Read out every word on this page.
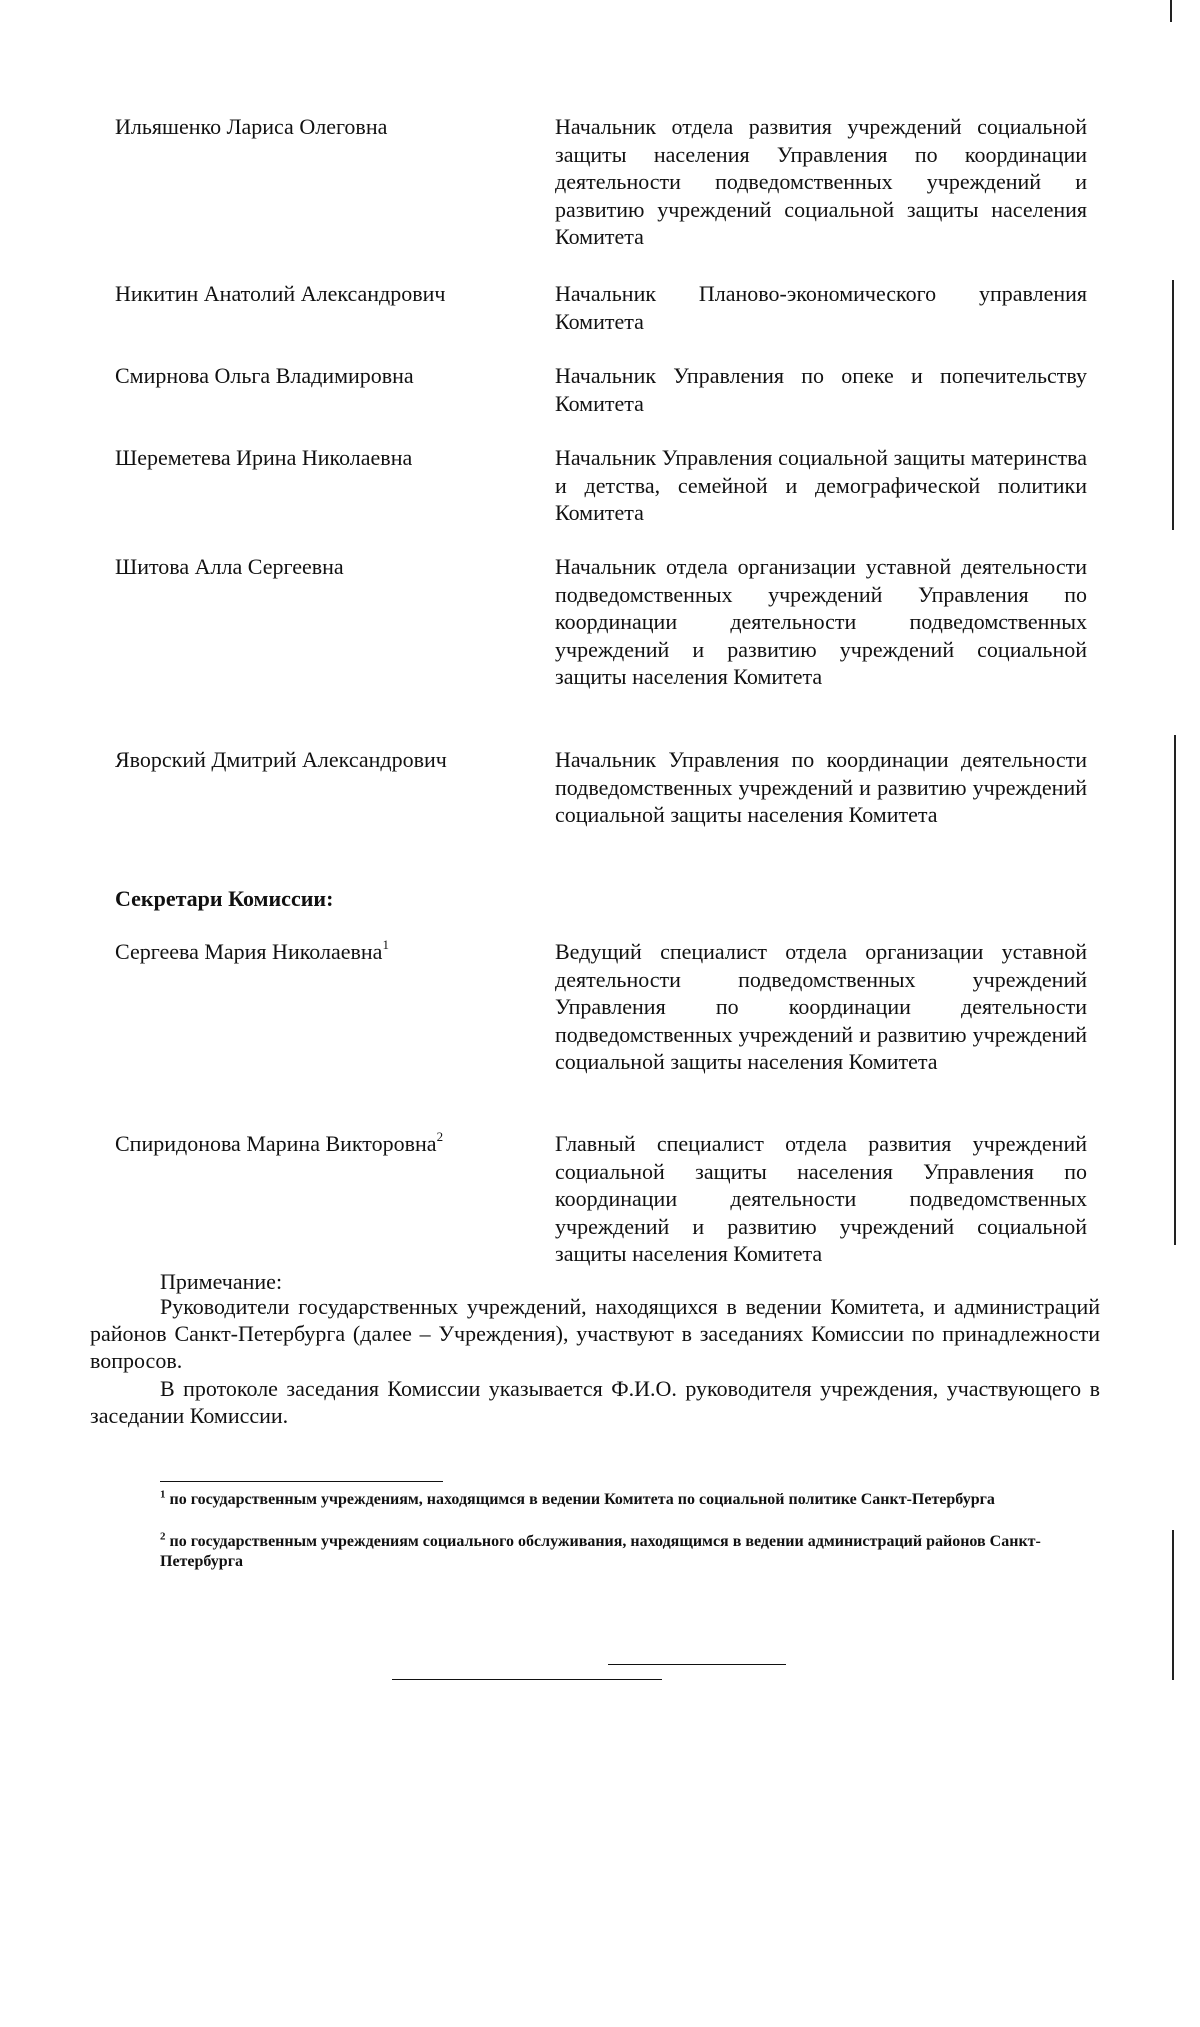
Ильяшенко Лариса Олеговна	Начальник отдела развития учреждений социальной защиты населения Управления по координации деятельности подведомственных учреждений и развитию учреждений социальной защиты населения Комитета
Никитин Анатолий Александрович	Начальник Планово-экономического управления Комитета
Смирнова Ольга Владимировна	Начальник Управления по опеке и попечительству Комитета
Шереметева Ирина Николаевна	Начальник Управления социальной защиты материнства и детства, семейной и демографической политики Комитета
Шитова Алла Сергеевна	Начальник отдела организации уставной деятельности подведомственных учреждений Управления по координации деятельности подведомственных учреждений и развитию учреждений социальной защиты населения Комитета
Яворский Дмитрий Александрович	Начальник Управления по координации деятельности подведомственных учреждений и развитию учреждений социальной защиты населения Комитета
Секретари Комиссии:
Сергеева Мария Николаевна$^1$	Ведущий специалист отдела организации уставной деятельности подведомственных учреждений Управления по координации деятельности подведомственных учреждений и развитию учреждений социальной защиты населения Комитета
Спиридонова Марина Викторовна$^2$	Главный специалист отдела развития учреждений социальной защиты населения Управления по координации деятельности подведомственных учреждений и развитию учреждений социальной защиты населения Комитета
Примечание:
Руководители государственных учреждений, находящихся в ведении Комитета, и администраций районов Санкт-Петербурга (далее – Учреждения), участвуют в заседаниях Комиссии по принадлежности вопросов.
В протоколе заседания Комиссии указывается Ф.И.О. руководителя учреждения, участвующего в заседании Комиссии.
$^1$ по государственным учреждениям, находящимся в ведении Комитета по социальной политике Санкт-Петербурга
$^2$ по государственным учреждениям социального обслуживания, находящимся в ведении администраций районов Санкт-Петербурга
